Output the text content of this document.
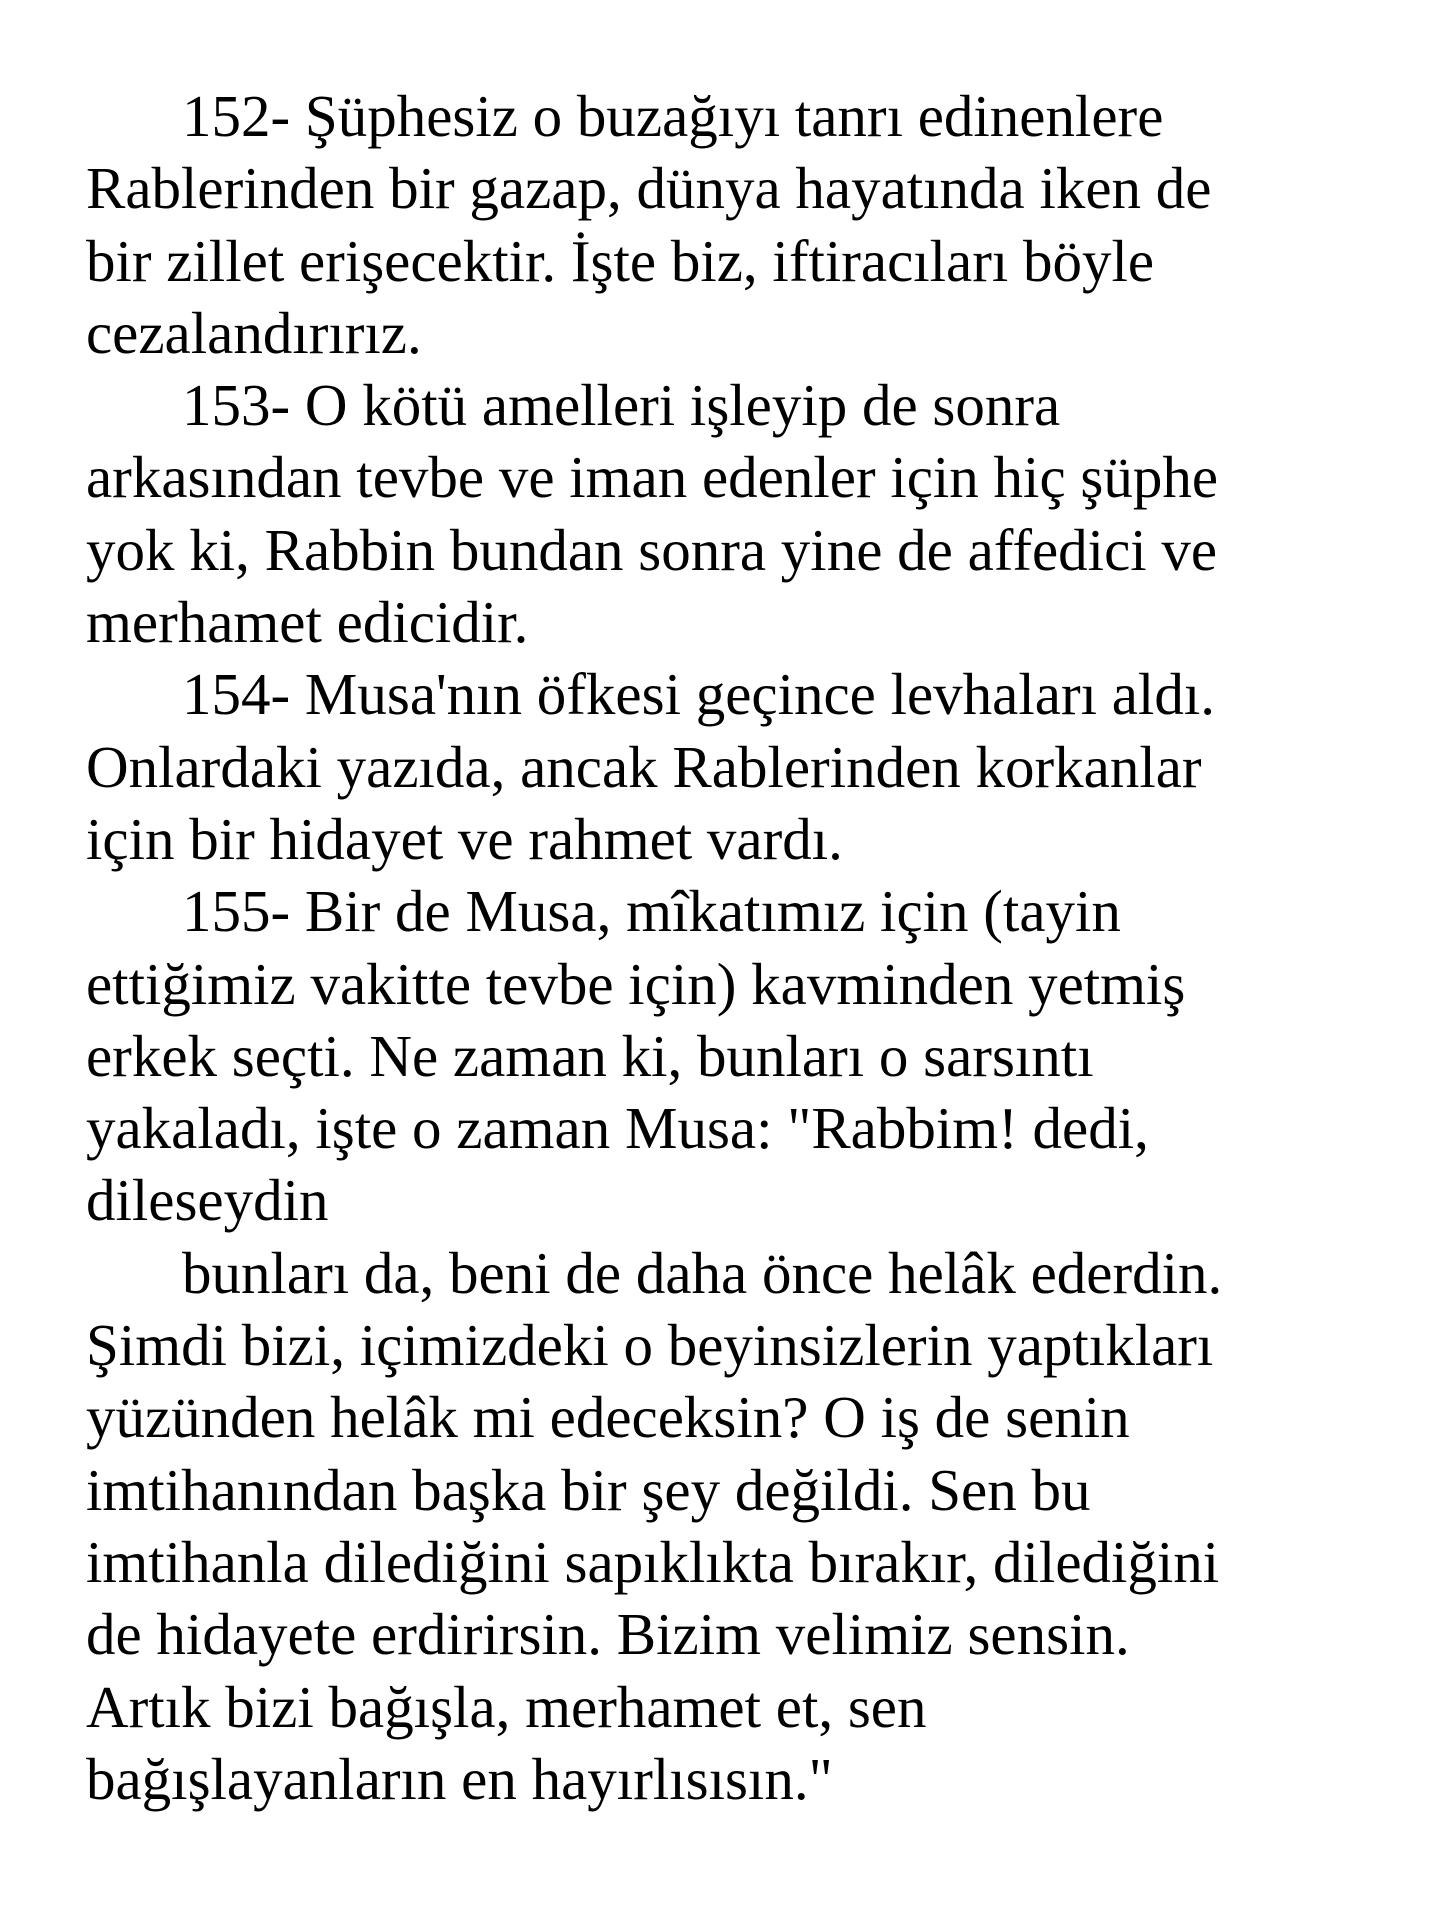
152- Şüphesiz o buzağıyı tanrı edinenlere
Rablerinden bir gazap, dünya hayatında iken de
bir zillet erişecektir. İşte biz, iftiracıları böyle
cezalandırırız.
153- O kötü amelleri işleyip de sonra
arkasından tevbe ve iman edenler için hiç şüphe
yok ki, Rabbin bundan sonra yine de affedici ve
merhamet edicidir.
154- Musa'nın öfkesi geçince levhaları aldı.
Onlardaki yazıda, ancak Rablerinden korkanlar
için bir hidayet ve rahmet vardı.
155- Bir de Musa, mîkatımız için (tayin
ettiğimiz vakitte tevbe için) kavminden yetmiş
erkek seçti. Ne zaman ki, bunları o sarsıntı
yakaladı, işte o zaman Musa: "Rabbim! dedi,
dileseydin
bunları da, beni de daha önce helâk ederdin.
Şimdi bizi, içimizdeki o beyinsizlerin yaptıkları
yüzünden helâk mi edeceksin? O iş de senin
imtihanından başka bir şey değildi. Sen bu
imtihanla dilediğini sapıklıkta bırakır, dilediğini
de hidayete erdirirsin. Bizim velimiz sensin.
Artık bizi bağışla, merhamet et, sen
bağışlayanların en hayırlısısın."
